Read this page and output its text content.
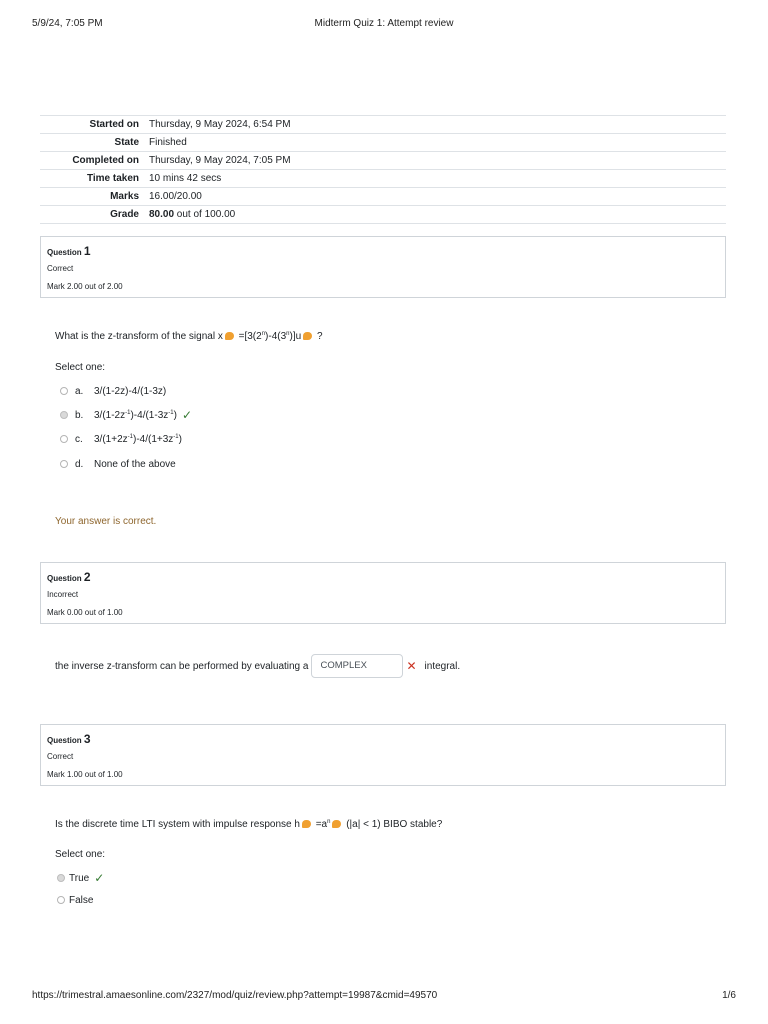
5/9/24, 7:05 PM	Midterm Quiz 1: Attempt review
Started on	Thursday, 9 May 2024, 6:54 PM
State	Finished
Completed on	Thursday, 9 May 2024, 7:05 PM
Time taken	10 mins 42 secs
Marks	16.00/20.00
Grade	80.00 out of 100.00
Question 1
Correct
Mark 2.00 out of 2.00
What is the z-transform of the signal $x =[3(2^n)-4(3^n)]u$ ?
Select one:
a.	3/(1-2z)-4/(1-3z)
b.	$3/(1-2z^{-1})-4/(1-3z^{-1})$ ✓
c.	$3/(1+2z^{-1})-4/(1+3z^{-1})$
d.	None of the above
Your answer is correct.
Question 2
Incorrect
Mark 0.00 out of 1.00
the inverse z-transform can be performed by evaluating a	COMPLEX	✕ integral.
Question 3
Correct
Mark 1.00 out of 1.00
Is the discrete time LTI system with impulse response $h =a^n$ (|a| < 1) BIBO stable?
Select one:
True ✓
False
https://trimestral.amaesonline.com/2327/mod/quiz/review.php?attempt=19987&cmid=49570	1/6
